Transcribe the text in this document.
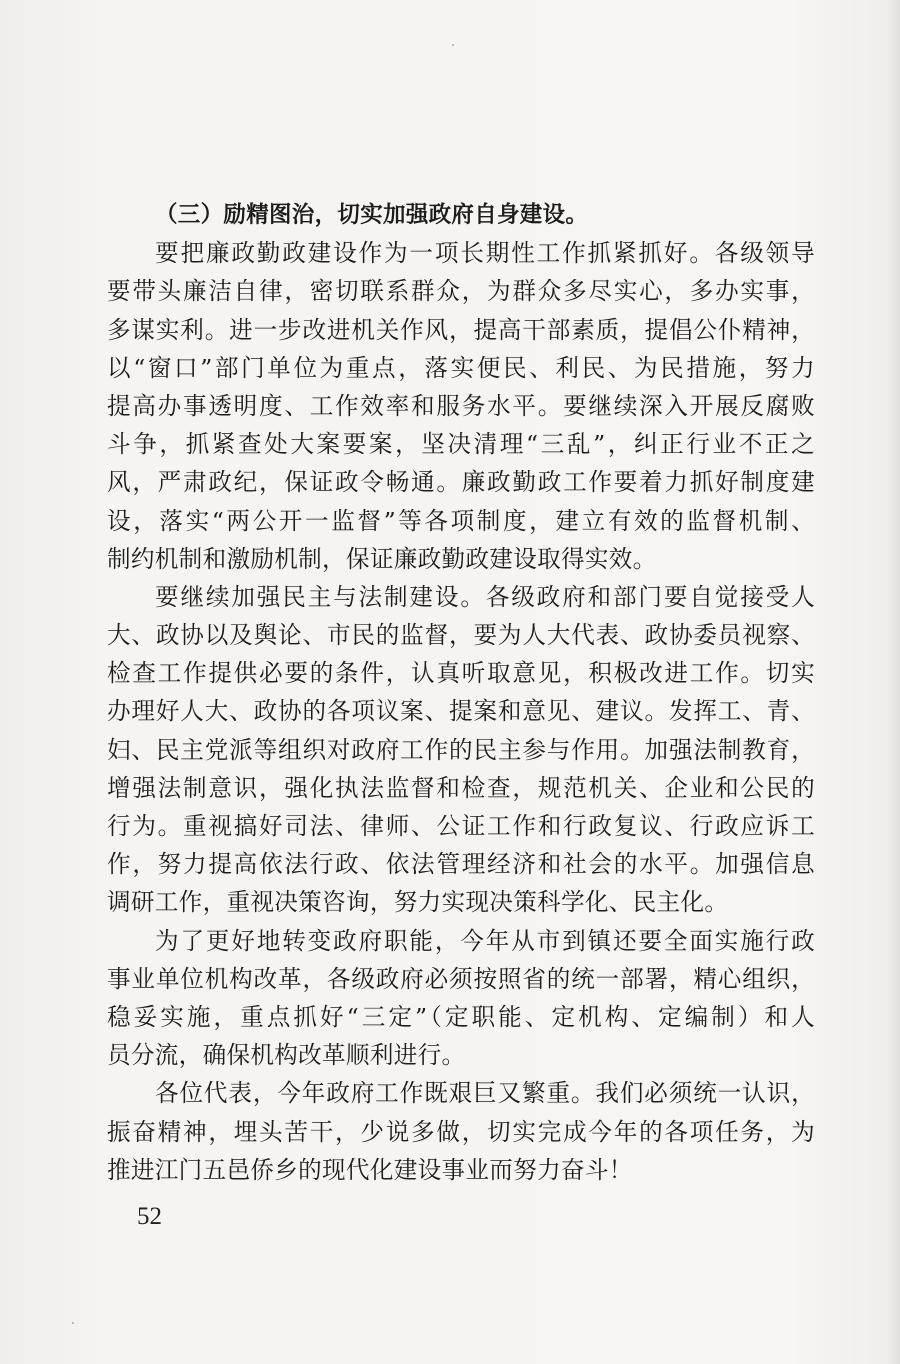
（三）励精图治，切实加强政府自身建设。
要把廉政勤政建设作为一项长期性工作抓紧抓好。各级领导
要带头廉洁自律，密切联系群众，为群众多尽实心，多办实事，
多谋实利。进一步改进机关作风，提高干部素质，提倡公仆精神，
以“窗口”部门单位为重点，落实便民、利民、为民措施，努力
提高办事透明度、工作效率和服务水平。要继续深入开展反腐败
斗争，抓紧查处大案要案，坚决清理“三乱”，纠正行业不正之
风，严肃政纪，保证政令畅通。廉政勤政工作要着力抓好制度建
设，落实“两公开一监督”等各项制度，建立有效的监督机制、
制约机制和激励机制，保证廉政勤政建设取得实效。
要继续加强民主与法制建设。各级政府和部门要自觉接受人
大、政协以及舆论、市民的监督，要为人大代表、政协委员视察、
检查工作提供必要的条件，认真听取意见，积极改进工作。切实
办理好人大、政协的各项议案、提案和意见、建议。发挥工、青、
妇、民主党派等组织对政府工作的民主参与作用。加强法制教育，
增强法制意识，强化执法监督和检查，规范机关、企业和公民的
行为。重视搞好司法、律师、公证工作和行政复议、行政应诉工
作，努力提高依法行政、依法管理经济和社会的水平。加强信息
调研工作，重视决策咨询，努力实现决策科学化、民主化。
为了更好地转变政府职能，今年从市到镇还要全面实施行政
事业单位机构改革，各级政府必须按照省的统一部署，精心组织，
稳妥实施，重点抓好“三定”（定职能、定机构、定编制）和人
员分流，确保机构改革顺利进行。
各位代表，今年政府工作既艰巨又繁重。我们必须统一认识，
振奋精神，埋头苦干，少说多做，切实完成今年的各项任务，为
推进江门五邑侨乡的现代化建设事业而努力奋斗！
52
